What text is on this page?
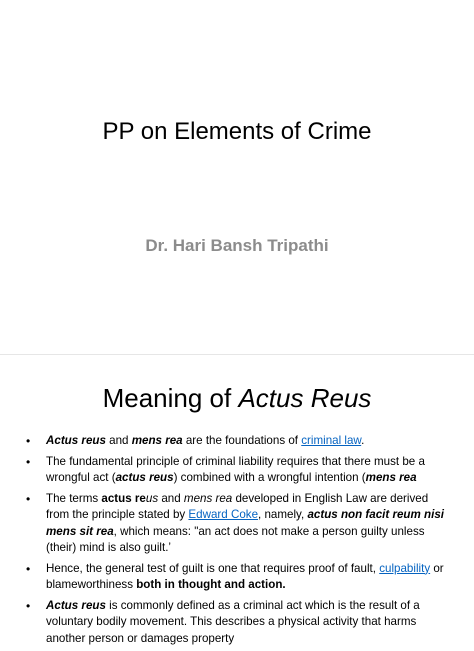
PP on Elements of Crime
Dr. Hari Bansh Tripathi
Meaning of Actus Reus
• Actus reus and mens rea are the foundations of criminal law.
• The fundamental principle of criminal liability requires that there must be a wrongful act (actus reus) combined with a wrongful intention (mens rea
• The terms actus reus and mens rea developed in English Law are derived from the principle stated by Edward Coke, namely, actus non facit reum nisi mens sit rea, which means: "an act does not make a person guilty unless (their) mind is also guilt.’
• Hence, the general test of guilt is one that requires proof of fault, culpability or blameworthiness both in thought and action.
• Actus reus is commonly defined as a criminal act which is the result of a voluntary bodily movement. This describes a physical activity that harms another person or damages property
